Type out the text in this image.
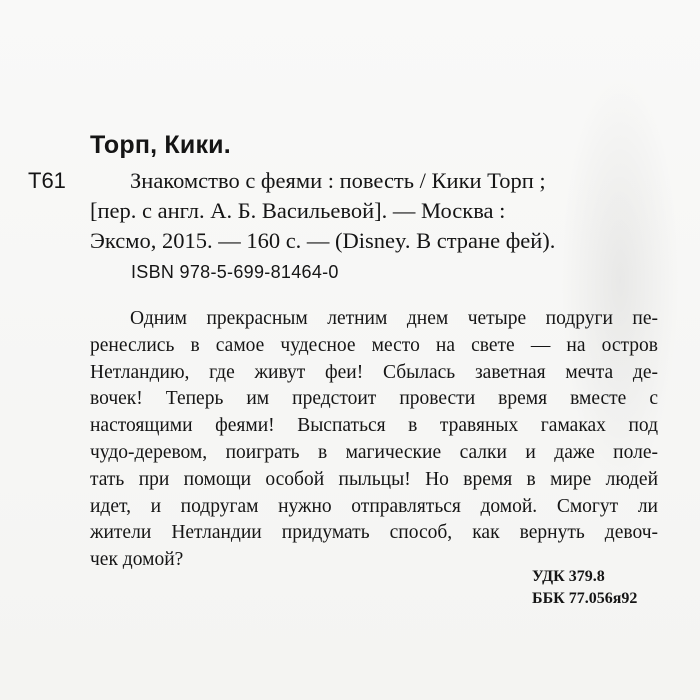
Торп, Кики.
Т61	Знакомство с феями : повесть / Кики Торп ;
[пер. с англ. А. Б. Васильевой]. — Москва :
Эксмо, 2015. — 160 с. — (Disney. В стране фей).
ISBN 978-5-699-81464-0
Одним прекрасным летним днем четыре подруги пе-
ренеслись в самое чудесное место на свете — на остров
Нетландию, где живут феи! Сбылась заветная мечта де-
вочек! Теперь им предстоит провести время вместе с
настоящими феями! Выспаться в травяных гамаках под
чудо-деревом, поиграть в магические салки и даже поле-
тать при помощи особой пыльцы! Но время в мире людей
идет, и подругам нужно отправляться домой. Смогут ли
жители Нетландии придумать способ, как вернуть девоч-
чек домой?
УДК 379.8
ББК 77.056я92
